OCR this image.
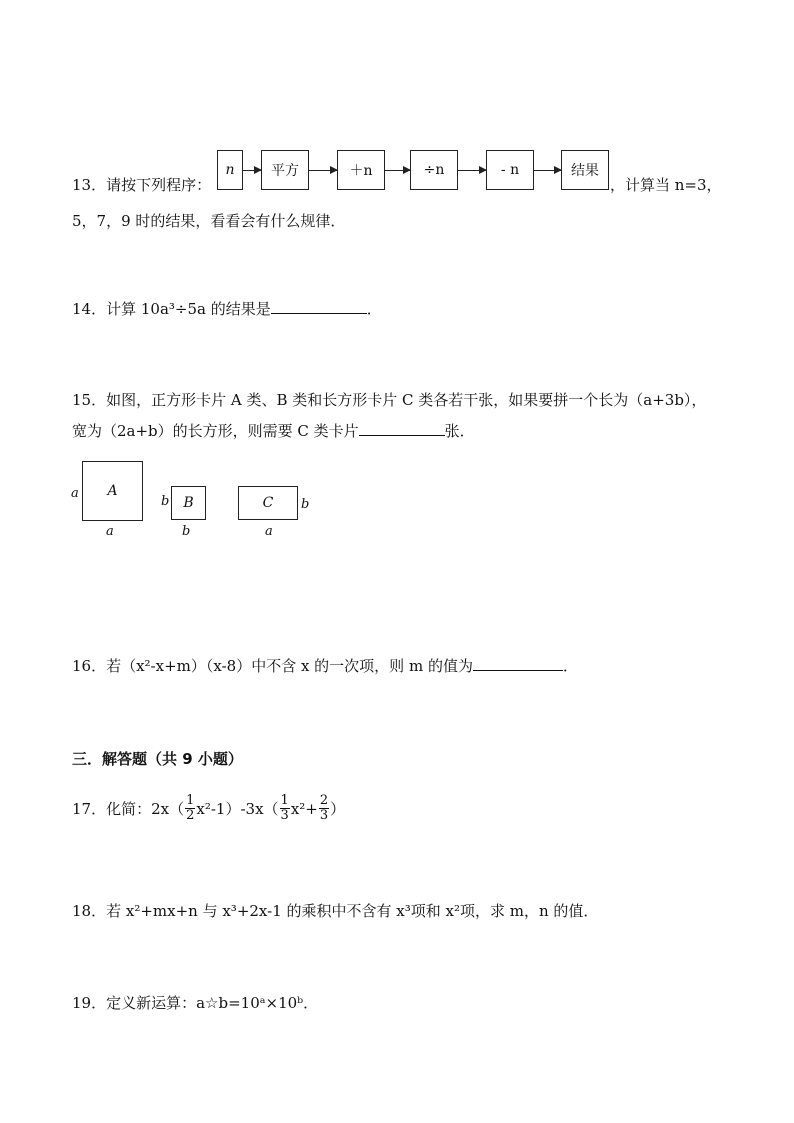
13．请按下列程序：
n	平方	＋n	÷n	- n	结果
，计算当 n=3，
5，7，9 时的结果，看看会有什么规律．
14．计算 10a³÷5a 的结果是	．
15．如图，正方形卡片 A 类、B 类和长方形卡片 C 类各若干张，如果要拼一个长为（a+3b），
宽为（2a+b）的长方形，则需要 C 类卡片	张．
A
a
a
B
b
b
C	b
a
16．若（x²-x+m）（x-8）中不含 x 的一次项，则 m 的值为	．
三．解答题（共 9 小题）
17．化简：$2x( \frac{1}{2} x^2-1)-3x( \frac{1}{3} x^2+ \frac{2}{3}$ ）
18．若 x²+mx+n 与 x³+2x-1 的乘积中不含有 x³项和 x²项，求 m，n 的值．
19．定义新运算：a☆b=10ᵃ×10ᵇ．
